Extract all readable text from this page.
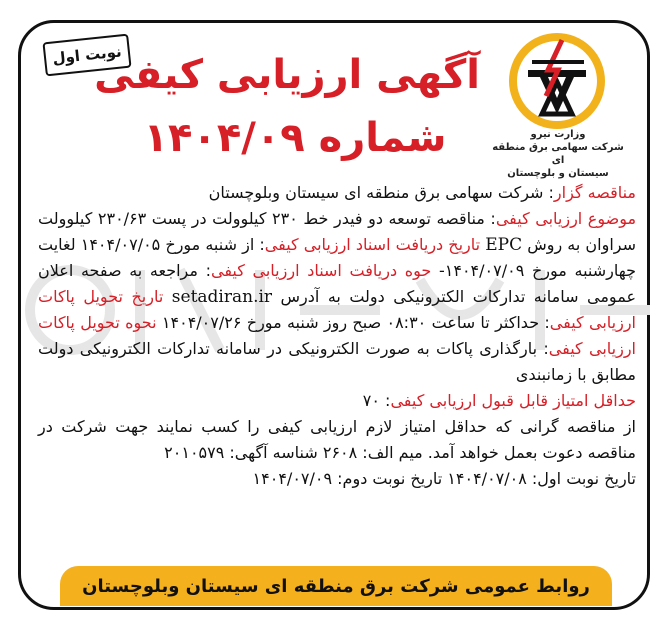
نوبت اول
آگهی ارزیابی کیفی
شماره ۱۴۰۴/۰۹	وزارت نیرو
شرکت سهامی برق منطقه ای
سیستان و بلوچستان

مناقصه گزار: شرکت سهامی برق منطقه ای سیستان وبلوچستان

موضوع ارزیابی کیفی: مناقصه توسعه دو فیدر خط ۲۳۰ کیلوولت در پست ۲۳۰/۶۳ کیلوولت سراوان به روش EPC تاریخ دریافت اسناد ارزیابی کیفی: از شنبه مورخ ۱۴۰۴/۰۷/۰۵ لغایت چهارشنبه مورخ ۱۴۰۴/۰۷/۰۹- حوه دریافت اسناد ارزیابی کیفی: مراجعه به صفحه اعلان عمومی سامانه تدارکات الکترونیکی دولت به آدرس setadiran.ir تاریخ تحویل پاکات ارزیابی کیفی: حداکثر تا ساعت ۰۸:۳۰ صبح روز شنبه مورخ ۱۴۰۴/۰۷/۲۶ نحوه تحویل پاکات ارزیابی کیفی: بارگذاری پاکات به صورت الکترونیکی در سامانه تدارکات الکترونیکی دولت مطابق با زمانبندی

حداقل امتیاز قابل قبول ارزیابی کیفی: ۷۰

از مناقصه گرانی که حداقل امتیاز لازم ارزیابی کیفی را کسب نمایند جهت شرکت در مناقصه دعوت بعمل خواهد آمد. میم الف: ۲۶۰۸ شناسه آگهی: ۲۰۱۰۵۷۹

تاریخ نوبت اول: ۱۴۰۴/۰۷/۰۸ تاریخ نوبت دوم: ۱۴۰۴/۰۷/۰۹

روابط عمومی شرکت برق منطقه ای سیستان وبلوچستان
